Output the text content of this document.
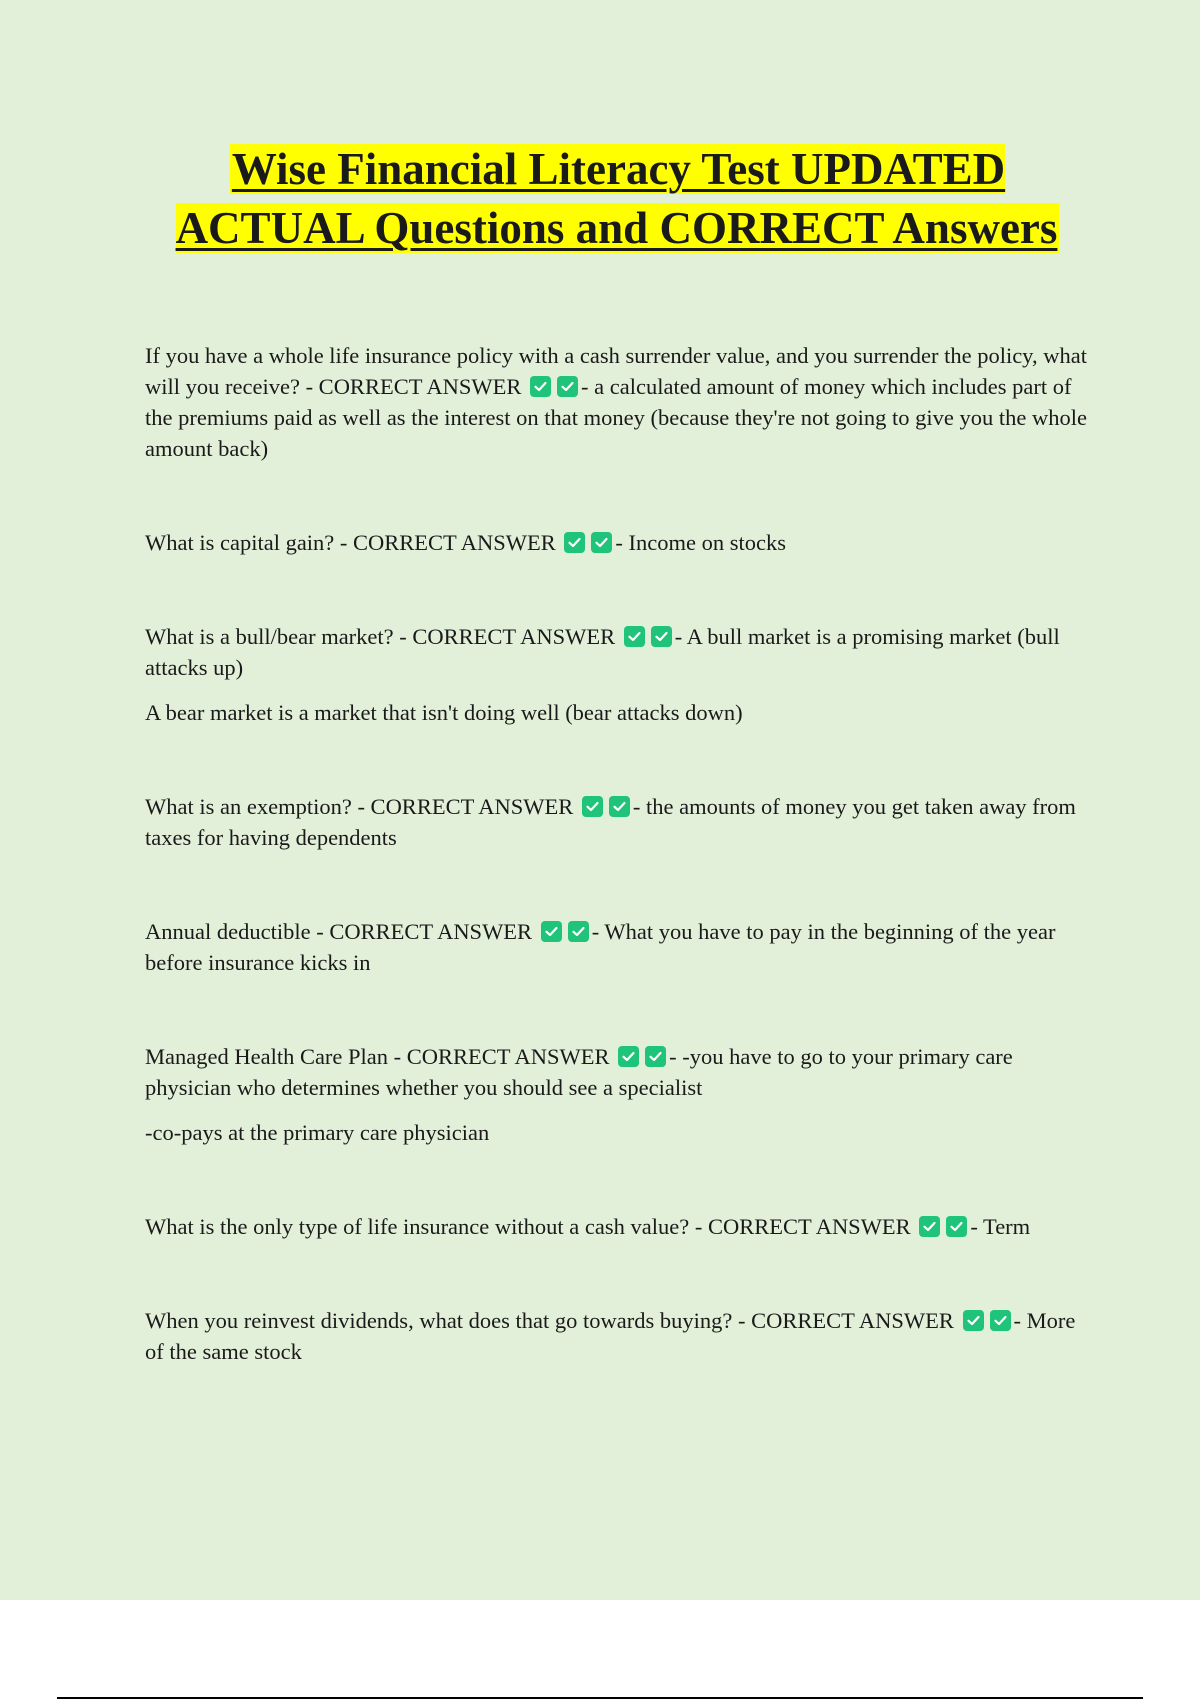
Wise Financial Literacy Test UPDATED ACTUAL Questions and CORRECT Answers

If you have a whole life insurance policy with a cash surrender value, and you surrender the policy, what will you receive? - CORRECT ANSWER	- a calculated amount of money which includes part of the premiums paid as well as the interest on that money (because they're not going to give you the whole amount back)

What is capital gain? - CORRECT ANSWER	- Income on stocks

What is a bull/bear market? - CORRECT ANSWER	- A bull market is a promising market (bull attacks up)

A bear market is a market that isn't doing well (bear attacks down)

What is an exemption? - CORRECT ANSWER	- the amounts of money you get taken away from taxes for having dependents

Annual deductible - CORRECT ANSWER	- What you have to pay in the beginning of the year before insurance kicks in

Managed Health Care Plan - CORRECT ANSWER	- -you have to go to your primary care physician who determines whether you should see a specialist

-co-pays at the primary care physician

What is the only type of life insurance without a cash value? - CORRECT ANSWER	- Term

When you reinvest dividends, what does that go towards buying? - CORRECT ANSWER	- More of the same stock
